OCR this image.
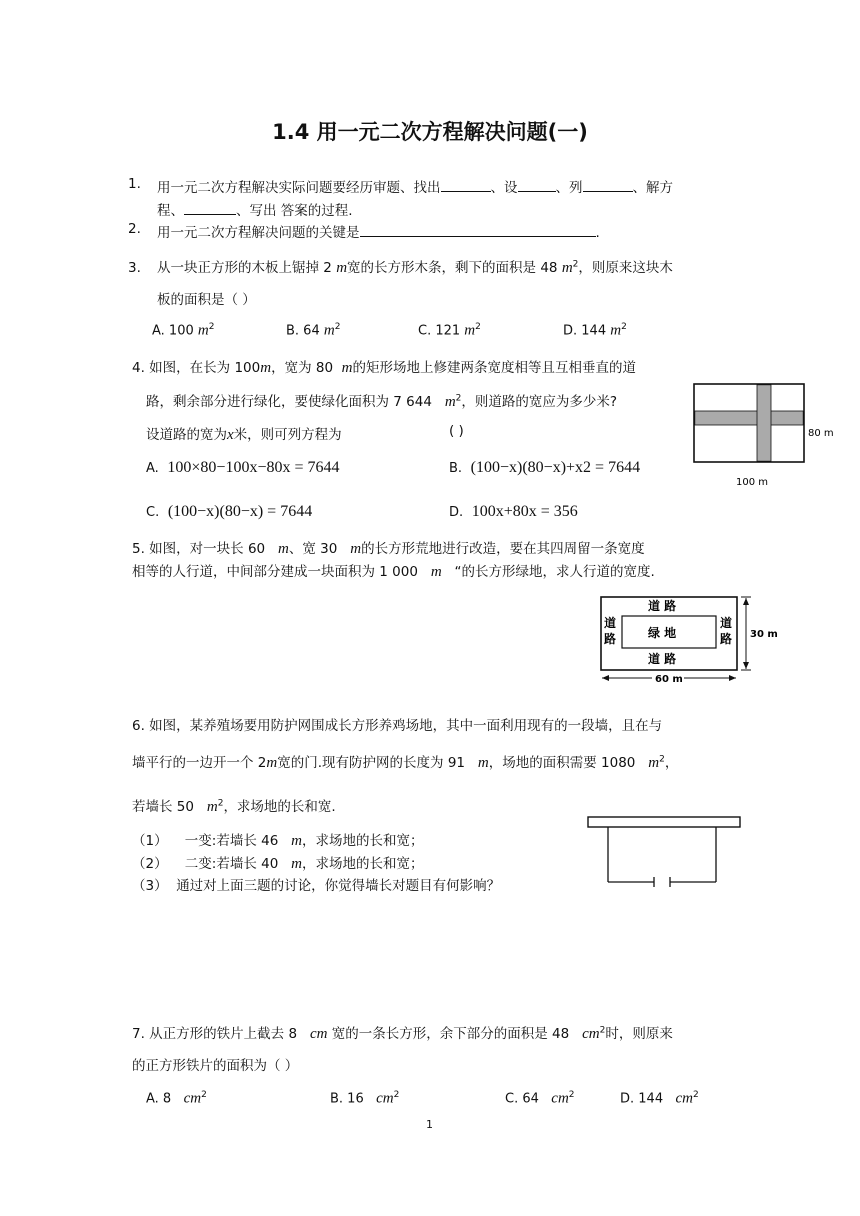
1.4 用一元二次方程解决问题(一)
1. 用一元二次方程解决实际问题要经历审题、找出	、设	、列	、解方
程、	、写出 答案的过程.
2. 用一元二次方程解决问题的关键是	.
3. 从一块正方形的木板上锯掉 2 m宽的长方形木条，剩下的面积是 48 $m^2$，则原来这块木
板的面积是（ ）
A. 100 $m^2$	B. 64 $m^2$	C. 121 $m^2$	D. 144 $m^2$
4. 如图，在长为 100m，宽为 80 m的矩形场地上修建两条宽度相等且互相垂直的道
路，剩余部分进行绿化，要使绿化面积为 7 644 $m^2$，则道路的宽应为多少米?
设道路的宽为x米，则可列方程为	( )
A. 100×80−100x−80x = 7644	B. (100−x)(80−x)+x2 = 7644
C. (100−x)(80−x) = 7644	D. 100x+80x = 356
80 m
100 m
5. 如图，对一块长 60 m、宽 30 m的长方形荒地进行改造，要在其四周留一条宽度
相等的人行道，中间部分建成一块面积为 1 000 m “的长方形绿地，求人行道的宽度.
道 路
道 路
道
路
道
路
绿 地	30 m
60 m
6. 如图，某养殖场要用防护网围成长方形养鸡场地，其中一面利用现有的一段墙，且在与
墙平行的一边开一个 2m宽的门.现有防护网的长度为 91 m，场地的面积需要 1080 $m^2$，
若墙长 50 $m^2$，求场地的长和宽.
（1） 一变:若墙长 46 m，求场地的长和宽；
（2） 二变:若墙长 40 m，求场地的长和宽；
（3） 通过对上面三题的讨论，你觉得墙长对题目有何影响？
7. 从正方形的铁片上截去 8 cm 宽的一条长方形，余下部分的面积是 48 $cm^2$时，则原来
的正方形铁片的面积为（ ）
A. 8 $cm^2$	B. 16 $cm^2$	C. 64 $cm^2$	D. 144 $cm^2$
1
